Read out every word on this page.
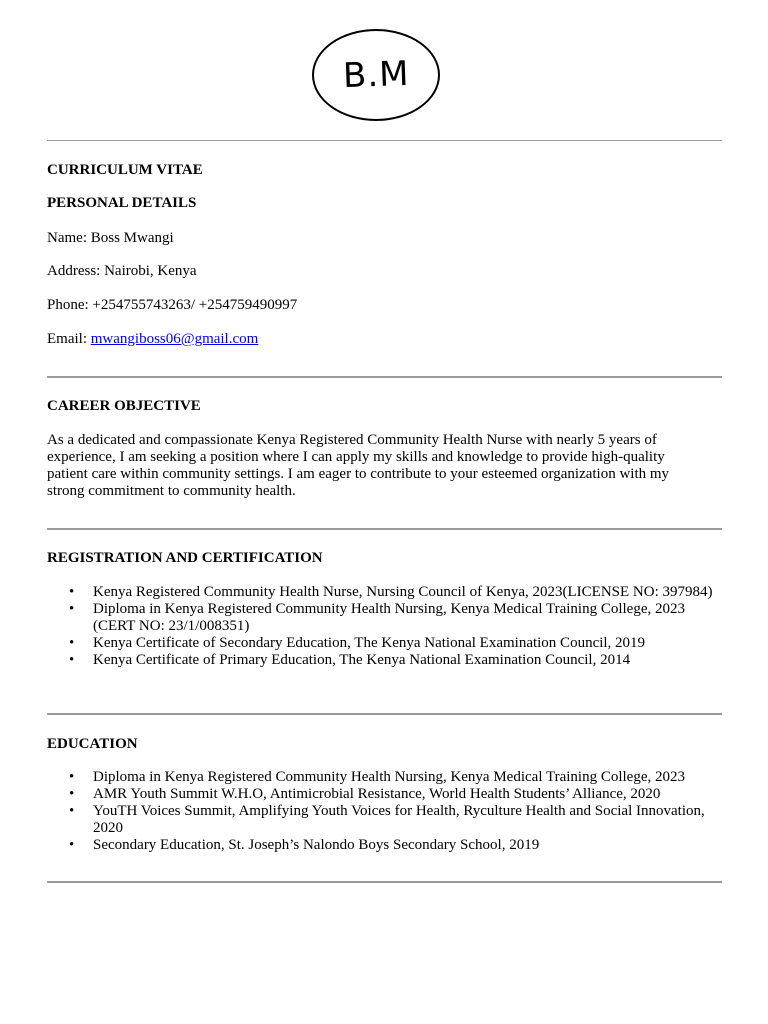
B.M
CURRICULUM VITAE
PERSONAL DETAILS
Name: Boss Mwangi
Address: Nairobi, Kenya
Phone: +254755743263/ +254759490997
Email: mwangiboss06@gmail.com
CAREER OBJECTIVE
As a dedicated and compassionate Kenya Registered Community Health Nurse with nearly 5 years of
experience, I am seeking a position where I can apply my skills and knowledge to provide high-quality
patient care within community settings. I am eager to contribute to your esteemed organization with my
strong commitment to community health.
REGISTRATION AND CERTIFICATION
• Kenya Registered Community Health Nurse, Nursing Council of Kenya, 2023(LICENSE NO: 397984)
• Diploma in Kenya Registered Community Health Nursing, Kenya Medical Training College, 2023 (CERT NO: 23/1/008351)
• Kenya Certificate of Secondary Education, The Kenya National Examination Council, 2019
• Kenya Certificate of Primary Education, The Kenya National Examination Council, 2014
EDUCATION
• Diploma in Kenya Registered Community Health Nursing, Kenya Medical Training College, 2023
• AMR Youth Summit W.H.O, Antimicrobial Resistance, World Health Students’ Alliance, 2020
• YouTH Voices Summit, Amplifying Youth Voices for Health, Ryculture Health and Social Innovation, 2020
• Secondary Education, St. Joseph’s Nalondo Boys Secondary School, 2019
